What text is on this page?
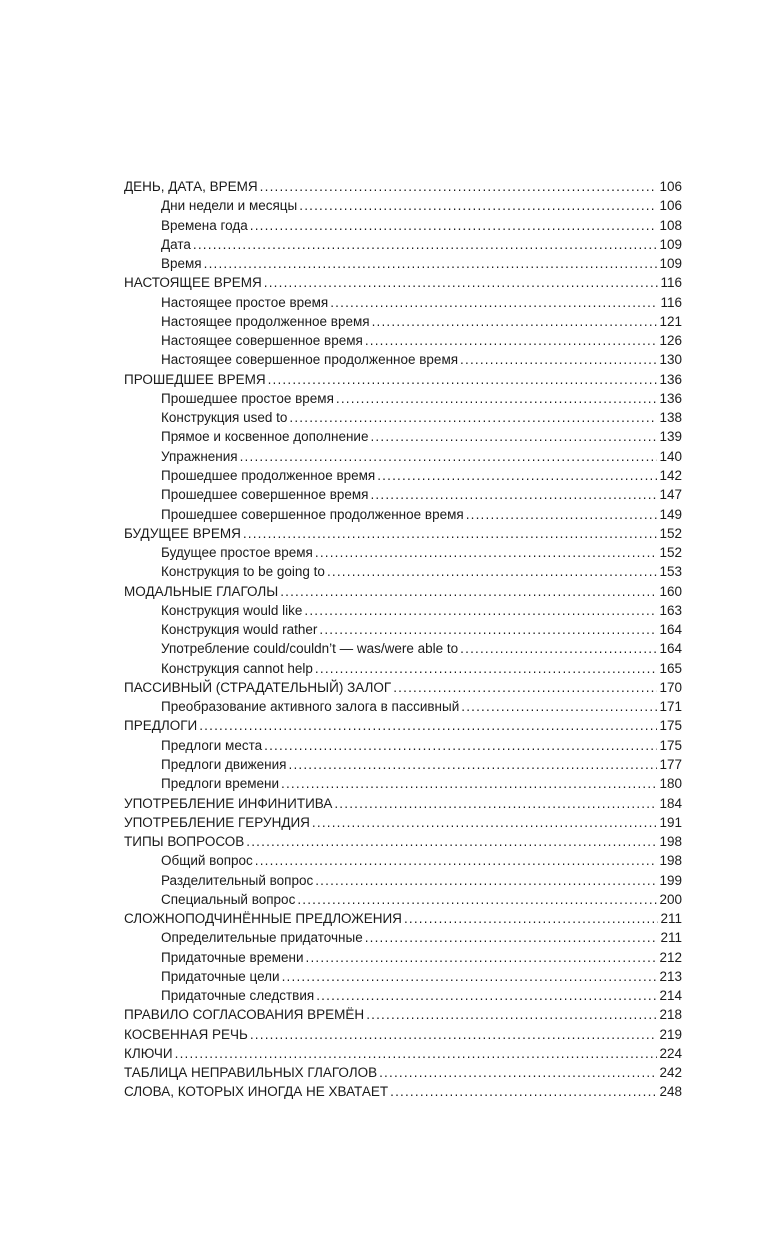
ДЕНЬ, ДАТА, ВРЕМЯ .....	106
Дни недели и месяцы .....	106
Времена года .....	108
Дата .....	109
Время .....	109
НАСТОЯЩЕЕ ВРЕМЯ .....	116
Настоящее простое время .....	116
Настоящее продолженное время .....	121
Настоящее совершенное время .....	126
Настоящее совершенное продолженное время .....	130
ПРОШЕДШЕЕ ВРЕМЯ .....	136
Прошедшее простое время .....	136
Конструкция used to .....	138
Прямое и косвенное дополнение .....	139
Упражнения .....	140
Прошедшее продолженное время .....	142
Прошедшее совершенное время .....	147
Прошедшее совершенное продолженное время .....	149
БУДУЩЕЕ ВРЕМЯ .....	152
Будущее простое время .....	152
Конструкция to be going to .....	153
МОДАЛЬНЫЕ ГЛАГОЛЫ .....	160
Конструкция would like .....	163
Конструкция would rather .....	164
Употребление could/couldn’t — was/were able to .....	164
Конструкция cannot help .....	165
ПАССИВНЫЙ (СТРАДАТЕЛЬНЫЙ) ЗАЛОГ .....	170
Преобразование активного залога в пассивный .....	171
ПРЕДЛОГИ .....	175
Предлоги места .....	175
Предлоги движения .....	177
Предлоги времени .....	180
УПОТРЕБЛЕНИЕ ИНФИНИТИВА .....	184
УПОТРЕБЛЕНИЕ ГЕРУНДИЯ .....	191
ТИПЫ ВОПРОСОВ .....	198
Общий вопрос .....	198
Разделительный вопрос .....	199
Специальный вопрос .....	200
СЛОЖНОПОДЧИНЁННЫЕ ПРЕДЛОЖЕНИЯ .....	211
Определительные придаточные .....	211
Придаточные времени .....	212
Придаточные цели .....	213
Придаточные следствия .....	214
ПРАВИЛО СОГЛАСОВАНИЯ ВРЕМЁН .....	218
КОСВЕННАЯ РЕЧЬ .....	219
КЛЮЧИ .....	224
ТАБЛИЦА НЕПРАВИЛЬНЫХ ГЛАГОЛОВ .....	242
СЛОВА, КОТОРЫХ ИНОГДА НЕ ХВАТАЕТ .....	248
